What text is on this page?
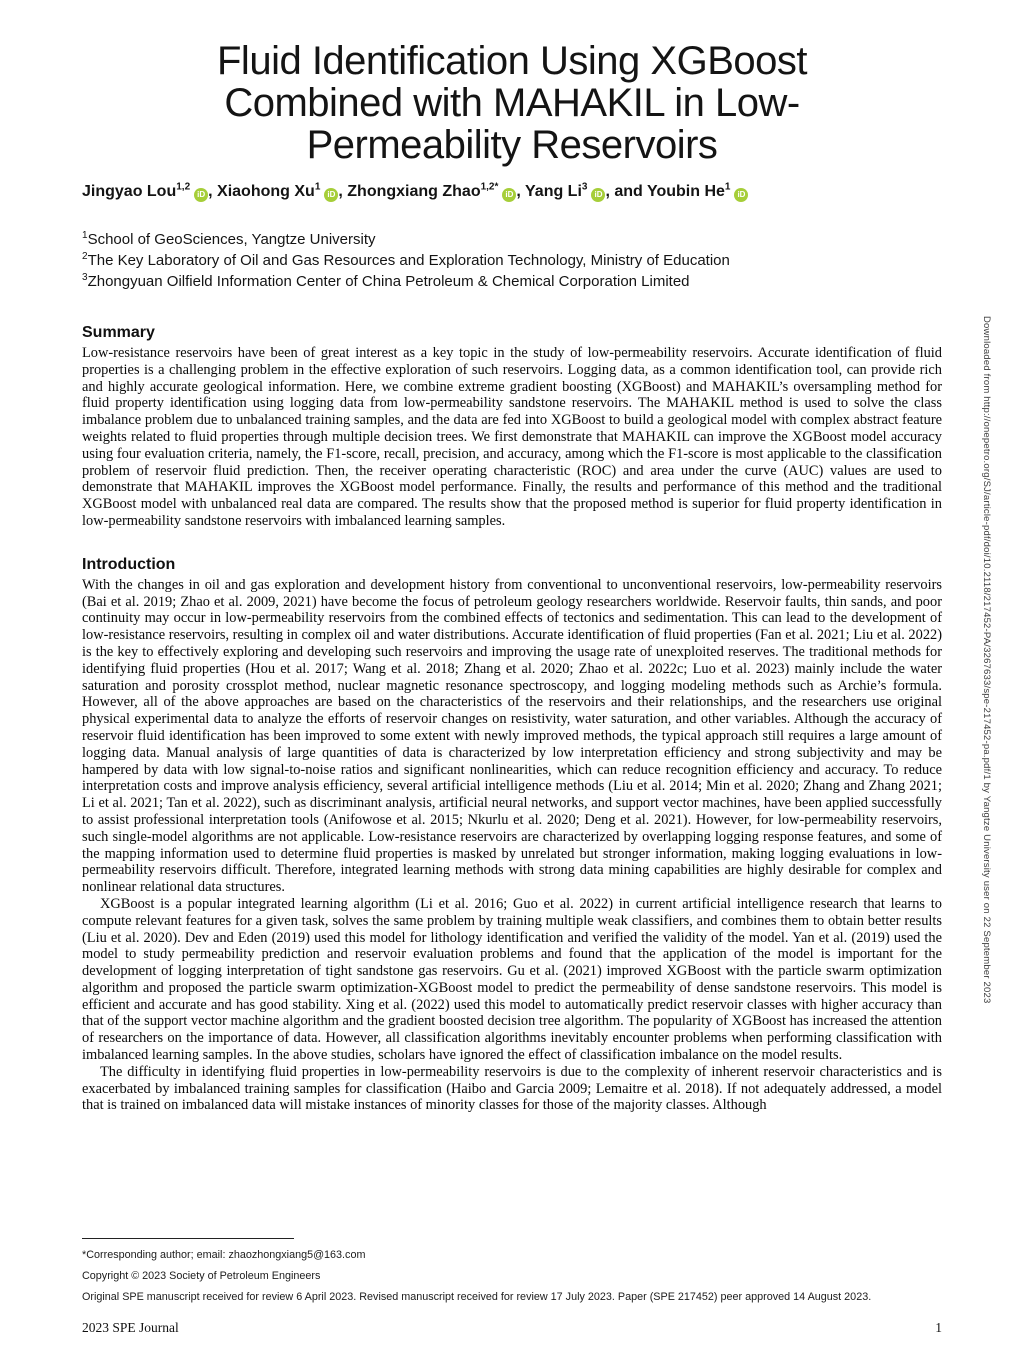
Fluid Identification Using XGBoost
Combined with MAHAKIL in Low-
Permeability Reservoirs
Jingyao Lou$^{1,2}$
iD , Xiaohong Xu$^1$
iD , Zhongxiang Zhao$^{1,2*}$
iD , Yang Li$^3$
iD , and Youbin He$^1$
iD
$^1$School of GeoSciences, Yangtze University
$^2$The Key Laboratory of Oil and Gas Resources and Exploration Technology, Ministry of Education
$^3$Zhongyuan Oilfield Information Center of China Petroleum & Chemical Corporation Limited
Summary

Low-resistance reservoirs have been of great interest as a key topic in the study of low-permeability reservoirs. Accurate identification of fluid properties is a challenging problem in the effective exploration of such reservoirs. Logging data, as a common identification tool, can provide rich and highly accurate geological information. Here, we combine extreme gradient boosting (XGBoost) and MAHAKIL’s oversampling method for fluid property identification using logging data from low-permeability sandstone reservoirs. The MAHAKIL method is used to solve the class imbalance problem due to unbalanced training samples, and the data are fed into XGBoost to build a geological model with complex abstract feature weights related to fluid properties through multiple decision trees. We first demonstrate that MAHAKIL can improve the XGBoost model accuracy using four evaluation criteria, namely, the F1-score, recall, precision, and accuracy, among which the F1-score is most applicable to the classification problem of reservoir fluid prediction. Then, the receiver operating characteristic (ROC) and area under the curve (AUC) values are used to demonstrate that MAHAKIL improves the XGBoost model performance. Finally, the results and performance of this method and the traditional XGBoost model with unbalanced real data are compared. The results show that the proposed method is superior for fluid property identification in low-permeability sandstone reservoirs with imbalanced learning samples.

Introduction

With the changes in oil and gas exploration and development history from conventional to unconventional reservoirs, low-permeability reservoirs (Bai et al. 2019; Zhao et al. 2009, 2021) have become the focus of petroleum geology researchers worldwide. Reservoir faults, thin sands, and poor continuity may occur in low-permeability reservoirs from the combined effects of tectonics and sedimentation. This can lead to the development of low-resistance reservoirs, resulting in complex oil and water distributions. Accurate identification of fluid properties (Fan et al. 2021; Liu et al. 2022) is the key to effectively exploring and developing such reservoirs and improving the usage rate of unexploited reserves. The traditional methods for identifying fluid properties (Hou et al. 2017; Wang et al. 2018; Zhang et al. 2020; Zhao et al. 2022c; Luo et al. 2023) mainly include the water saturation and porosity crossplot method, nuclear magnetic resonance spectroscopy, and logging modeling methods such as Archie’s formula. However, all of the above approaches are based on the characteristics of the reservoirs and their relationships, and the researchers use original physical experimental data to analyze the efforts of reservoir changes on resistivity, water saturation, and other variables. Although the accuracy of reservoir fluid identification has been improved to some extent with newly improved methods, the typical approach still requires a large amount of logging data. Manual analysis of large quantities of data is characterized by low interpretation efficiency and strong subjectivity and may be hampered by data with low signal-to-noise ratios and significant nonlinearities, which can reduce recognition efficiency and accuracy. To reduce interpretation costs and improve analysis efficiency, several artificial intelligence methods (Liu et al. 2014; Min et al. 2020; Zhang and Zhang 2021; Li et al. 2021; Tan et al. 2022), such as discriminant analysis, artificial neural networks, and support vector machines, have been applied successfully to assist professional interpretation tools (Anifowose et al. 2015; Nkurlu et al. 2020; Deng et al. 2021). However, for low-permeability reservoirs, such single-model algorithms are not applicable. Low-resistance reservoirs are characterized by overlapping logging response features, and some of the mapping information used to determine fluid properties is masked by unrelated but stronger information, making logging evaluations in low-permeability reservoirs difficult. Therefore, integrated learning methods with strong data mining capabilities are highly desirable for complex and nonlinear relational data structures.

XGBoost is a popular integrated learning algorithm (Li et al. 2016; Guo et al. 2022) in current artificial intelligence research that learns to compute relevant features for a given task, solves the same problem by training multiple weak classifiers, and combines them to obtain better results (Liu et al. 2020). Dev and Eden (2019) used this model for lithology identification and verified the validity of the model. Yan et al. (2019) used the model to study permeability prediction and reservoir evaluation problems and found that the application of the model is important for the development of logging interpretation of tight sandstone gas reservoirs. Gu et al. (2021) improved XGBoost with the particle swarm optimization algorithm and proposed the particle swarm optimization-XGBoost model to predict the permeability of dense sandstone reservoirs. This model is efficient and accurate and has good stability. Xing et al. (2022) used this model to automatically predict reservoir classes with higher accuracy than that of the support vector machine algorithm and the gradient boosted decision tree algorithm. The popularity of XGBoost has increased the attention of researchers on the importance of data. However, all classification algorithms inevitably encounter problems when performing classification with imbalanced learning samples. In the above studies, scholars have ignored the effect of classification imbalance on the model results.

The difficulty in identifying fluid properties in low-permeability reservoirs is due to the complexity of inherent reservoir characteristics and is exacerbated by imbalanced training samples for classification (Haibo and Garcia 2009; Lemaitre et al. 2018). If not adequately addressed, a model that is trained on imbalanced data will mistake instances of minority classes for those of the majority classes. Although

*Corresponding author; email: zhaozhongxiang5@163.com
Copyright © 2023 Society of Petroleum Engineers
Original SPE manuscript received for review 6 April 2023. Revised manuscript received for review 17 July 2023. Paper (SPE 217452) peer approved 14 August 2023.
2023 SPE Journal	1
Downloaded from http://onepetro.org/SJ/article-pdf/doi/10.2118/217452-PA/3267633/spe-217452-pa.pdf/1 by Yangtze University user on 22 September 2023
